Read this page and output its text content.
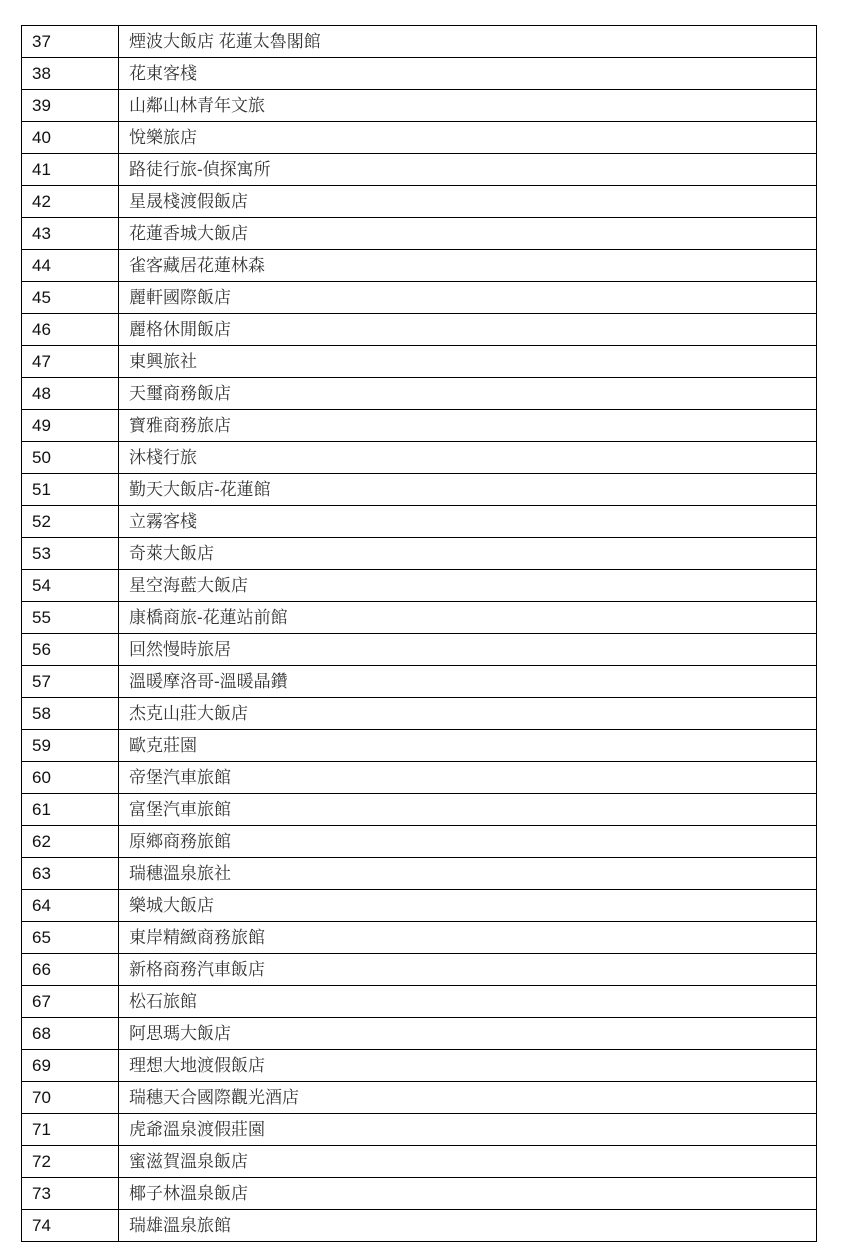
37	煙波大飯店 花蓮太魯閣館
38	花東客棧
39	山鄰山林青年文旅
40	悅樂旅店
41	路徒行旅-偵探寓所
42	星晟棧渡假飯店
43	花蓮香城大飯店
44	雀客藏居花蓮林森
45	麗軒國際飯店
46	麗格休閒飯店
47	東興旅社
48	天璽商務飯店
49	寶雅商務旅店
50	沐棧行旅
51	勤天大飯店-花蓮館
52	立霧客棧
53	奇萊大飯店
54	星空海藍大飯店
55	康橋商旅-花蓮站前館
56	回然慢時旅居
57	溫暖摩洛哥-溫暖晶鑽
58	杰克山莊大飯店
59	歐克莊園
60	帝堡汽車旅館
61	富堡汽車旅館
62	原鄉商務旅館
63	瑞穗溫泉旅社
64	樂城大飯店
65	東岸精緻商務旅館
66	新格商務汽車飯店
67	松石旅館
68	阿思瑪大飯店
69	理想大地渡假飯店
70	瑞穗天合國際觀光酒店
71	虎爺溫泉渡假莊園
72	蜜滋賀溫泉飯店
73	椰子林溫泉飯店
74	瑞雄溫泉旅館
